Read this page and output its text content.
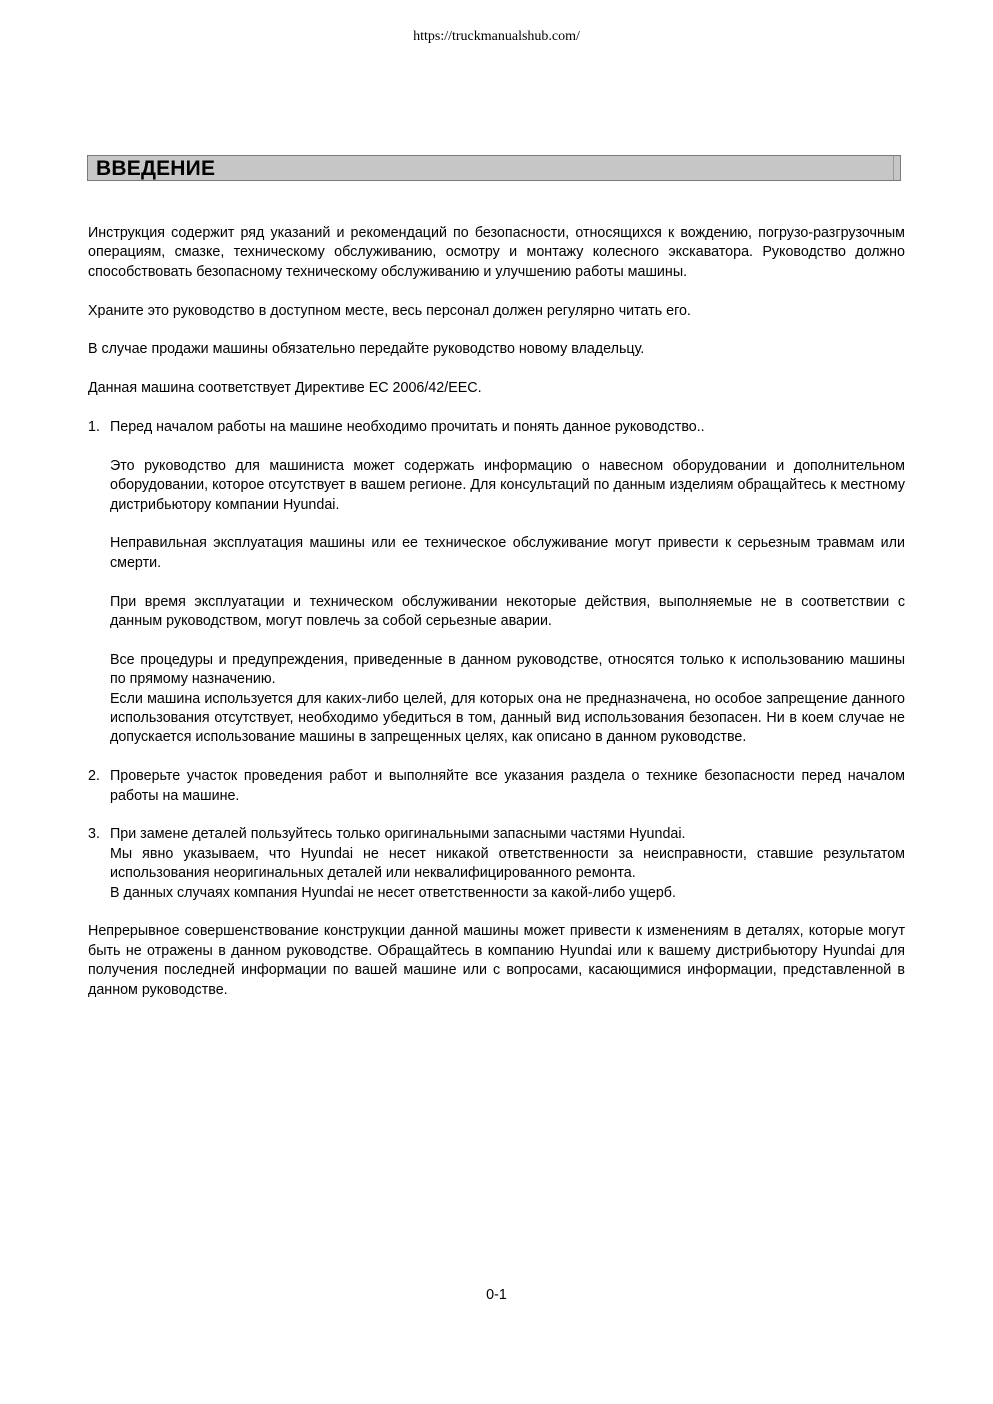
https://truckmanualshub.com/
ВВЕДЕНИЕ

Инструкция содержит ряд указаний и рекомендаций по безопасности, относящихся к вождению, погрузо-разгрузочным операциям, смазке, техническому обслуживанию, осмотру и монтажу колесного экскаватора. Руководство должно способствовать безопасному техническому обслуживанию и улучшению работы машины.

Храните это руководство в доступном месте, весь персонал должен регулярно читать его.

В случае продажи машины обязательно передайте руководство новому владельцу.

Данная машина соответствует Директиве ЕС 2006/42/EEC.

1. Перед началом работы на машине необходимо прочитать и понять данное руководство..

Это руководство для машиниста может содержать информацию о навесном оборудовании и дополнительном оборудовании, которое отсутствует в вашем регионе. Для консультаций по данным изделиям обращайтесь к местному дистрибьютору компании Hyundai.

Неправильная эксплуатация машины или ее техническое обслуживание могут привести к серьезным травмам или смерти.

При время эксплуатации и техническом обслуживании некоторые действия, выполняемые не в соответствии с данным руководством, могут повлечь за собой серьезные аварии.

Все процедуры и предупреждения, приведенные в данном руководстве, относятся только к использованию машины по прямому назначению.

Если машина используется для каких-либо целей, для которых она не предназначена, но особое запрещение данного использования отсутствует, необходимо убедиться в том, данный вид использования безопасен. Ни в коем случае не допускается использование машины в запрещенных целях, как описано в данном руководстве.

2. Проверьте участок проведения работ и выполняйте все указания раздела о технике безопасности перед началом работы на машине.

3. При замене деталей пользуйтесь только оригинальными запасными частями Hyundai.

Мы явно указываем, что Hyundai не несет никакой ответственности за неисправности, ставшие результатом использования неоригинальных деталей или неквалифицированного ремонта.

В данных случаях компания Hyundai не несет ответственности за какой-либо ущерб.

Непрерывное совершенствование конструкции данной машины может привести к изменениям в деталях, которые могут быть не отражены в данном руководстве. Обращайтесь в компанию Hyundai или к вашему дистрибьютору Hyundai для получения последней информации по вашей машине или с вопросами, касающимися информации, представленной в данном руководстве.

0-1
